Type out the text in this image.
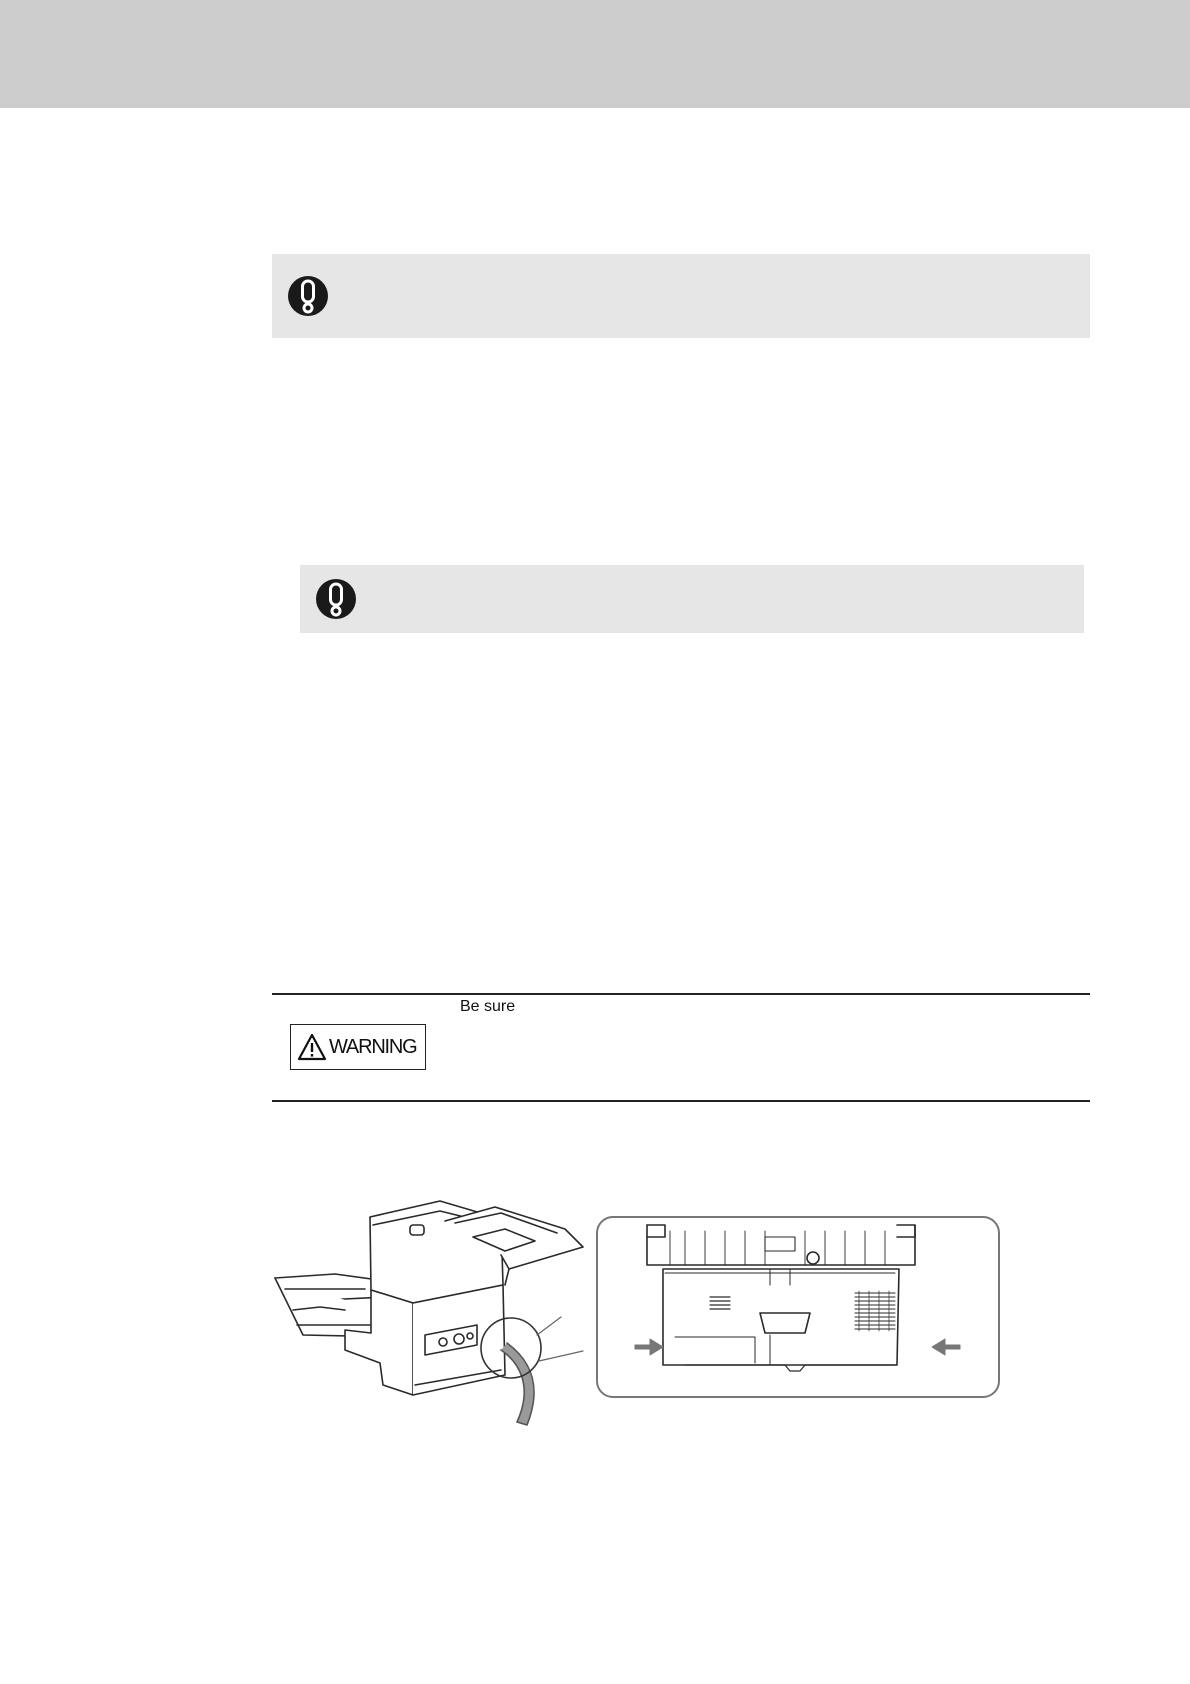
WARNING
Be sure
